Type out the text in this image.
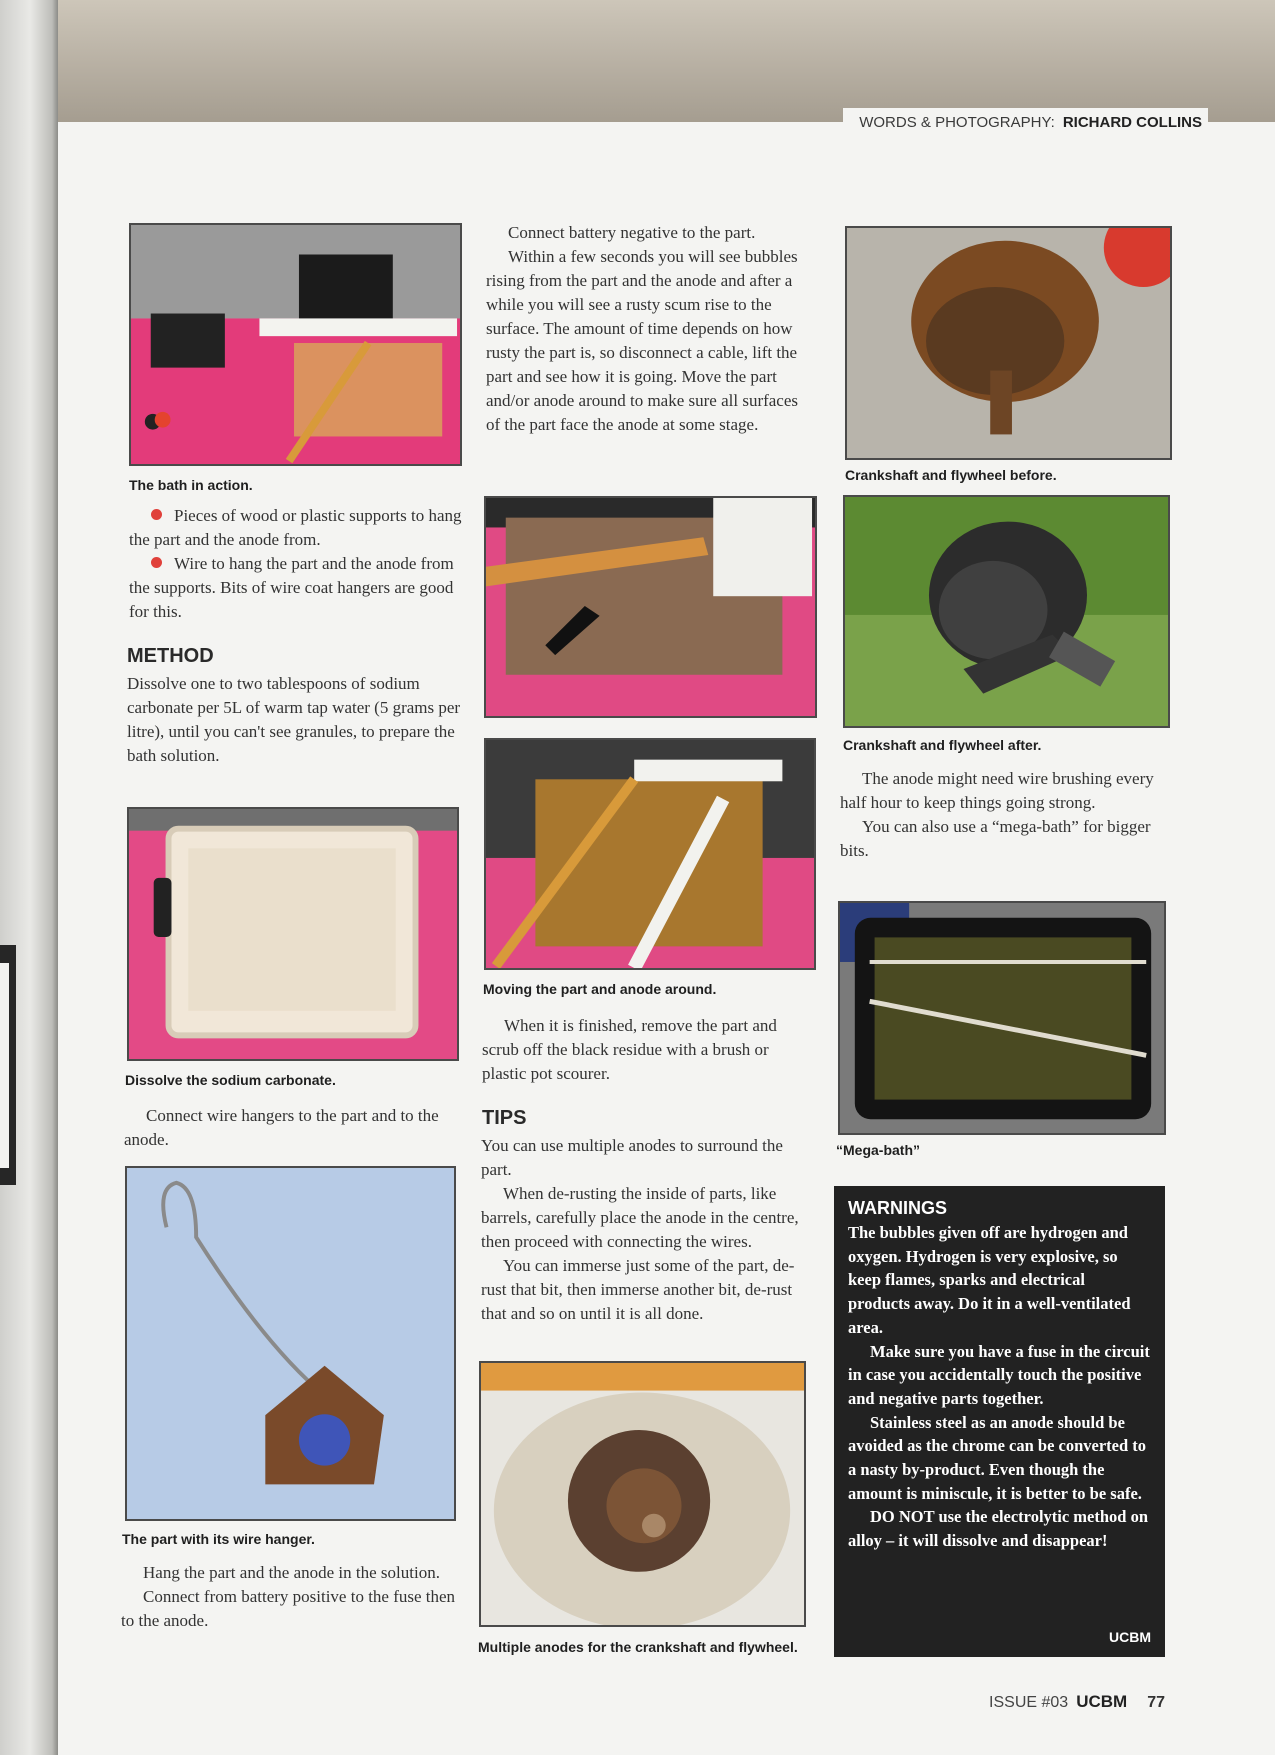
WORDS & PHOTOGRAPHY: RICHARD COLLINS

The bath in action.

Pieces of wood or plastic supports to hang the part and the anode from.

Wire to hang the part and the anode from the supports. Bits of wire coat hangers are good for this.

METHOD

Dissolve one to two tablespoons of sodium carbonate per 5L of warm tap water (5 grams per litre), until you can't see granules, to prepare the bath solution.

Dissolve the sodium carbonate.

Connect wire hangers to the part and to the anode.

The part with its wire hanger.

Hang the part and the anode in the solution.

Connect from battery positive to the fuse then to the anode.

Connect battery negative to the part.

Within a few seconds you will see bubbles rising from the part and the anode and after a while you will see a rusty scum rise to the surface. The amount of time depends on how rusty the part is, so disconnect a cable, lift the part and see how it is going. Move the part and/or anode around to make sure all surfaces of the part face the anode at some stage.

Moving the part and anode around.

When it is finished, remove the part and scrub off the black residue with a brush or plastic pot scourer.

TIPS

You can use multiple anodes to surround the part.

When de-rusting the inside of parts, like barrels, carefully place the anode in the centre, then proceed with connecting the wires.

You can immerse just some of the part, de-rust that bit, then immerse another bit, de-rust that and so on until it is all done.

Multiple anodes for the crankshaft and flywheel.

Crankshaft and flywheel before.

Crankshaft and flywheel after.

The anode might need wire brushing every half hour to keep things going strong.

You can also use a “mega-bath” for bigger bits.

“Mega-bath”

WARNINGS

The bubbles given off are hydrogen and oxygen. Hydrogen is very explosive, so keep flames, sparks and electrical products away. Do it in a well-ventilated area.

Make sure you have a fuse in the circuit in case you accidentally touch the positive and negative parts together.

Stainless steel as an anode should be avoided as the chrome can be converted to a nasty by-product. Even though the amount is miniscule, it is better to be safe.

DO NOT use the electrolytic method on alloy – it will dissolve and disappear!

UCBM
ISSUE #03 UCBM 77
